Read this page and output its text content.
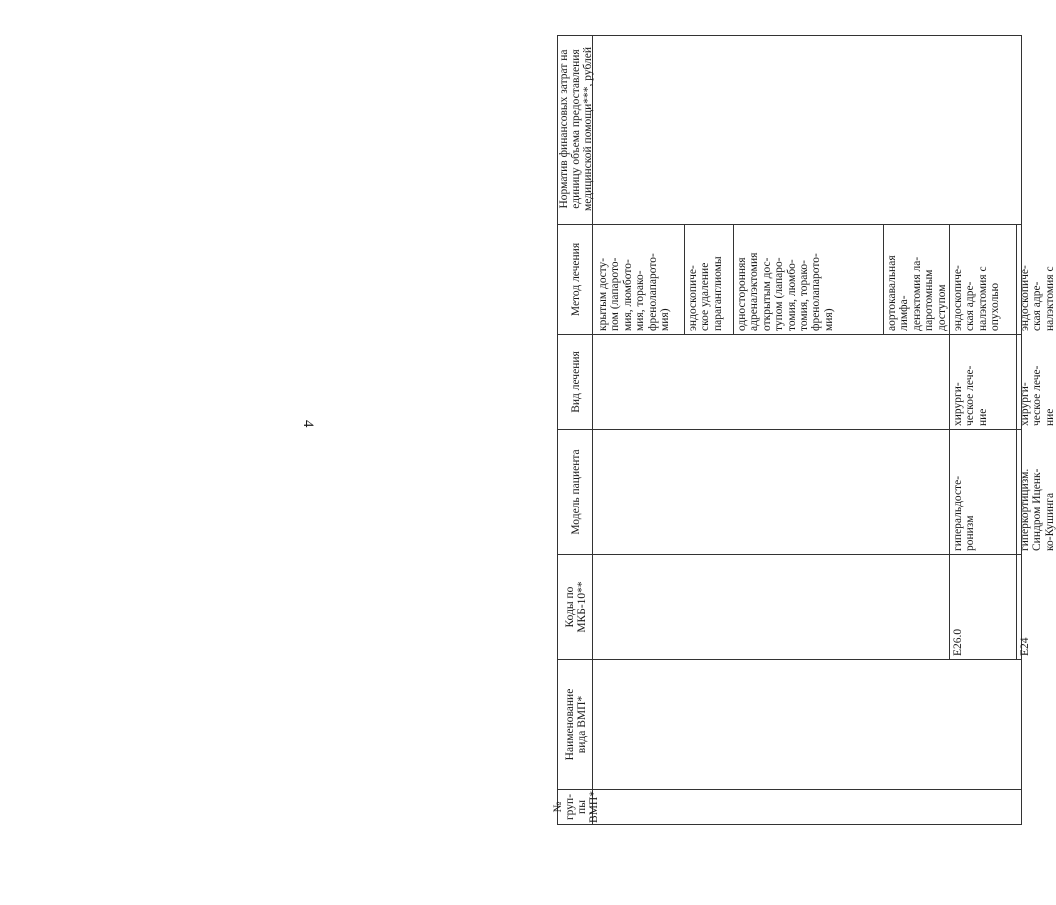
4
№ груп- пы ВМП*
Наименование вида ВМП*
Коды по МКБ-10**
Модель пациента
Вид лечения
Метод лечения
Норматив финансовых затрат на единицу объема предоставления медицинской помощи***, рублей
крытым дoсту- пом (лапарото- мия, люмбото- мия, торако- френолапарото- мия) эндоскопиче- ское удаление параганглиомы односторонняя адреналэктомия открытым дос- тупом (лапаро- томия, люмбо- томия, торако- френолапарото- мия)	аортокавальная лимфа- денэктомия ла- паротомным доступом
E26.0
гиперальдосте- ронизм
хирурги- ческое лече- ние
эндоскопиче- ская адре- налэктомия с опухолью
E24
гиперкортицизм. Синдром Иценк- ко-Кушинга
хирурги- ческое лече- ние
эндоскопиче- ская адре- налэктомия с
